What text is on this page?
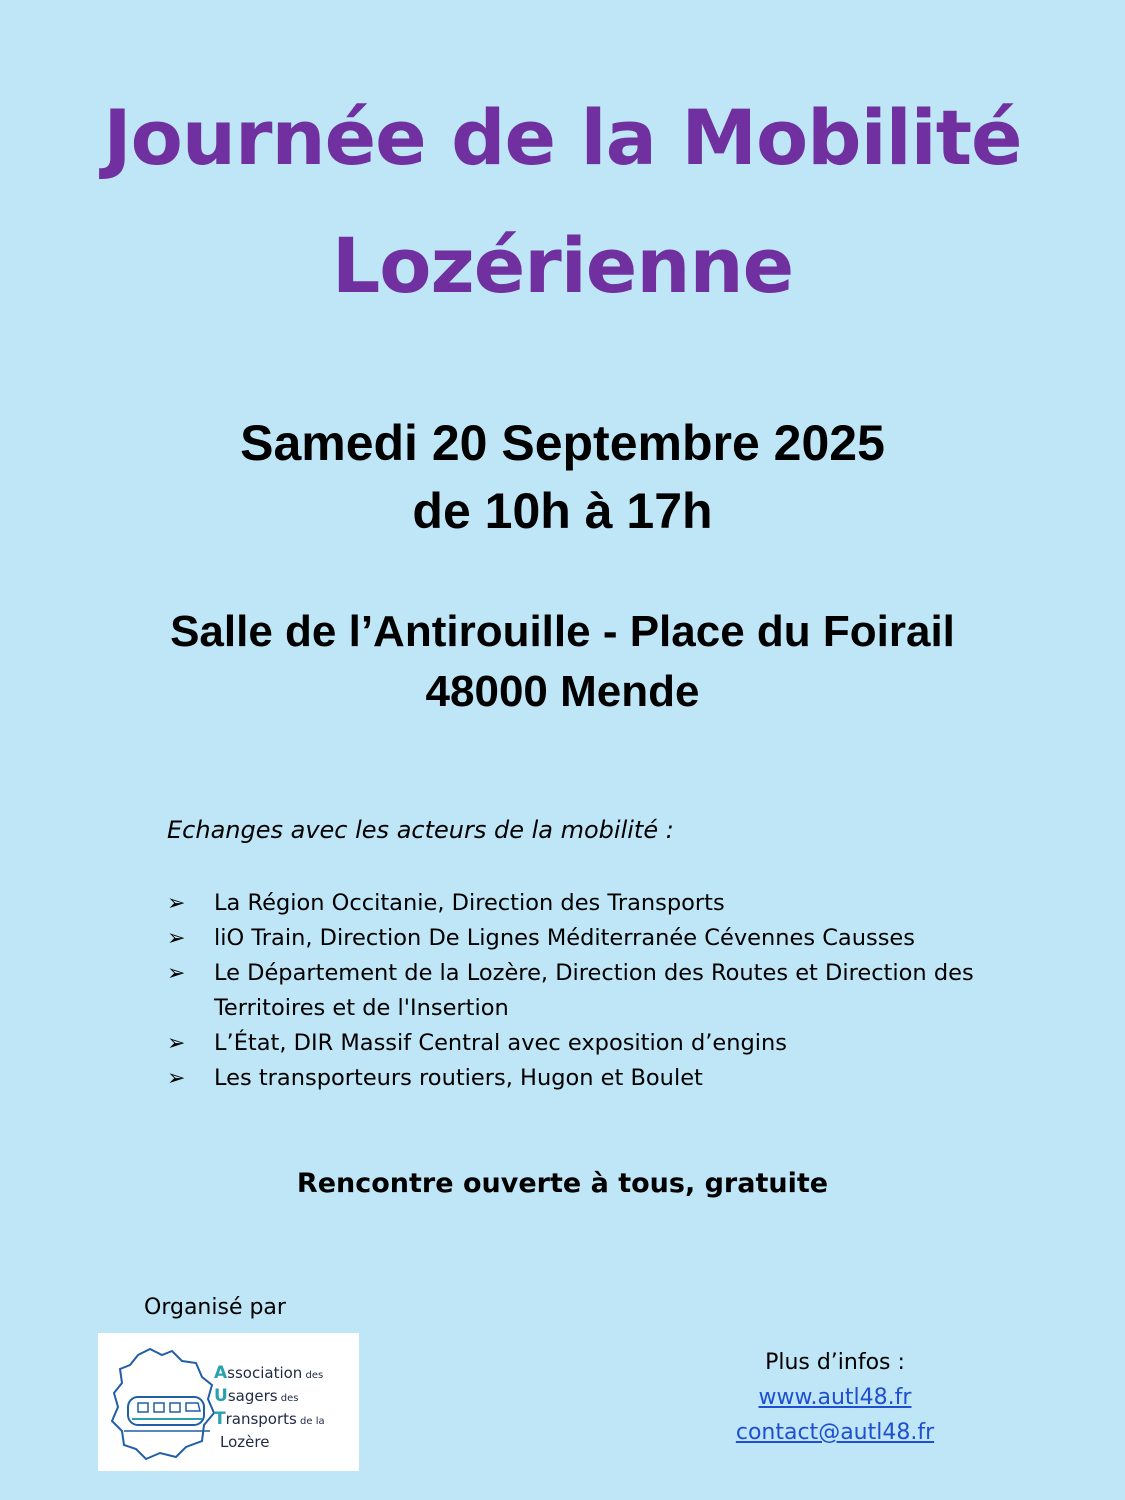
Journée de la Mobilité
Lozérienne
Samedi 20 Septembre 2025
de 10h à 17h
Salle de l’Antirouille - Place du Foirail
48000 Mende
Echanges avec les acteurs de la mobilité :
➢ La Région Occitanie, Direction des Transports
➢ liO Train, Direction De Lignes Méditerranée Cévennes Causses
➢ Le Département de la Lozère, Direction des Routes et Direction des Territoires et de l'Insertion
➢ L’État, DIR Massif Central avec exposition d’engins
➢ Les transporteurs routiers, Hugon et Boulet
Rencontre ouverte à tous, gratuite
Organisé par
Association des
Usagers des
Transports de la
Lozère
Plus d’infos :
www.autl48.fr
contact@autl48.fr
